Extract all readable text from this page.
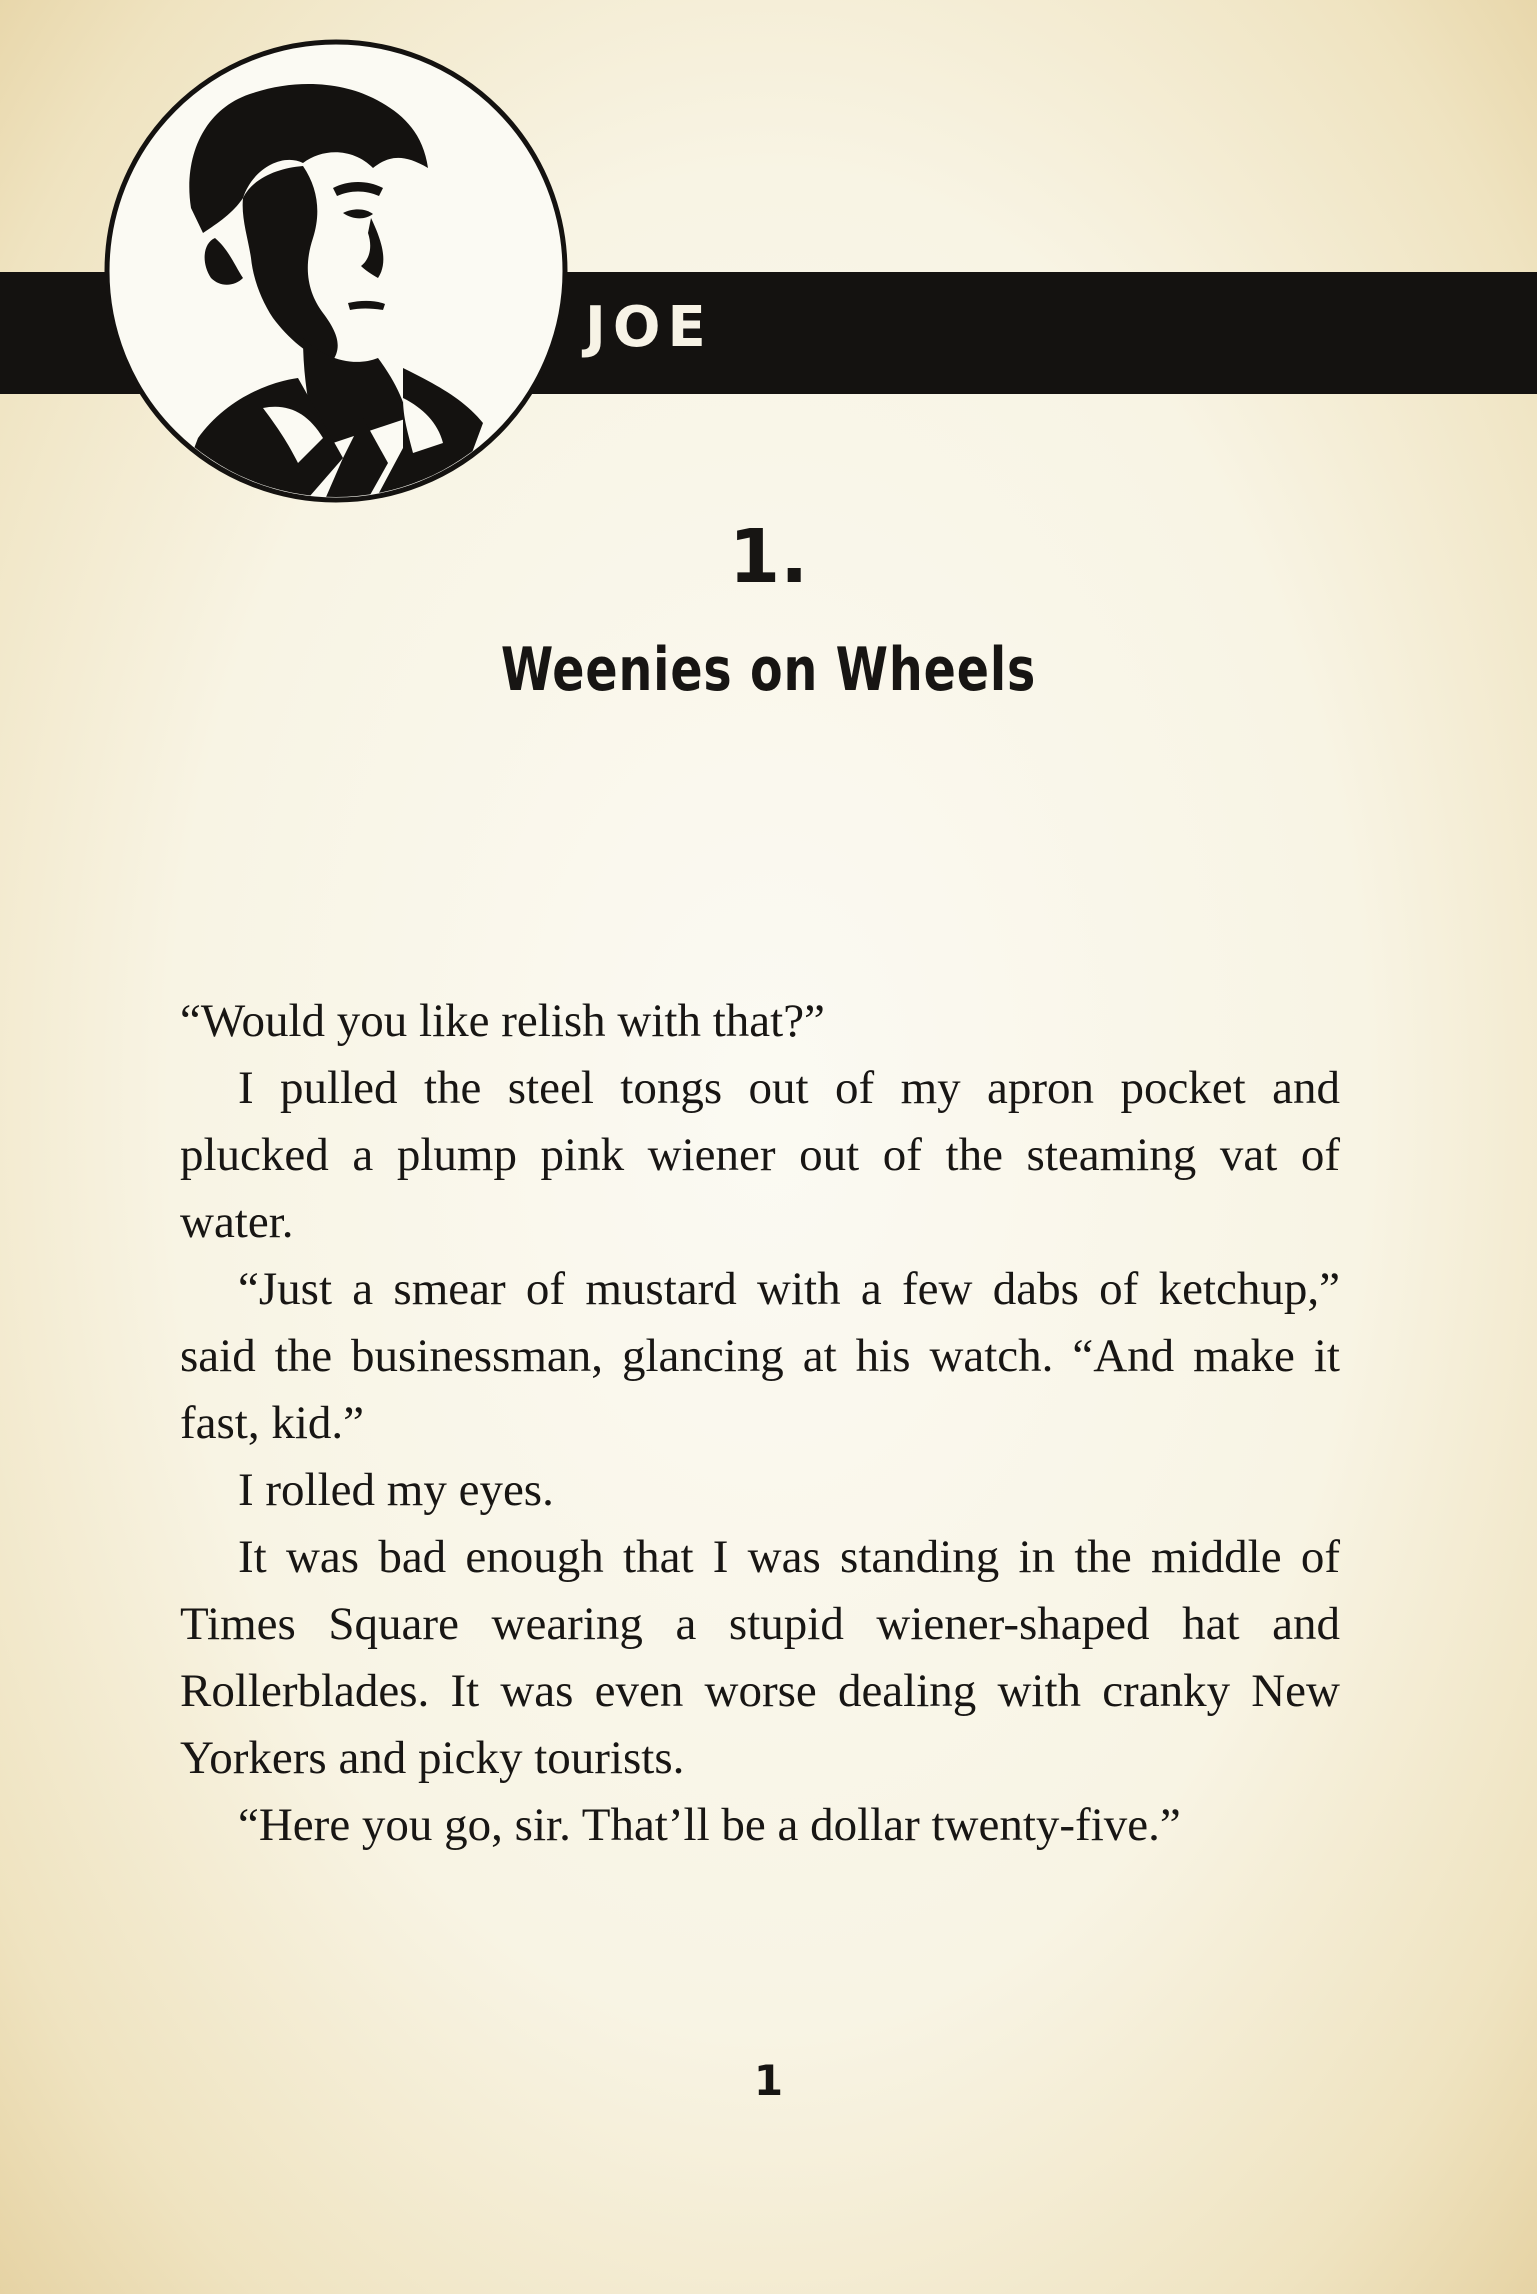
JOE
1.
Weenies on Wheels

“Would you like relish with that?”

I pulled the steel tongs out of my apron pocket and plucked a plump pink wiener out of the steaming vat of water.

“Just a smear of mustard with a few dabs of ketchup,” said the businessman, glancing at his watch. “And make it fast, kid.”

I rolled my eyes.

It was bad enough that I was standing in the middle of Times Square wearing a stupid wiener-shaped hat and Rollerblades. It was even worse dealing with cranky New Yorkers and picky tourists.

“Here you go, sir. That’ll be a dollar twenty-five.”

1
